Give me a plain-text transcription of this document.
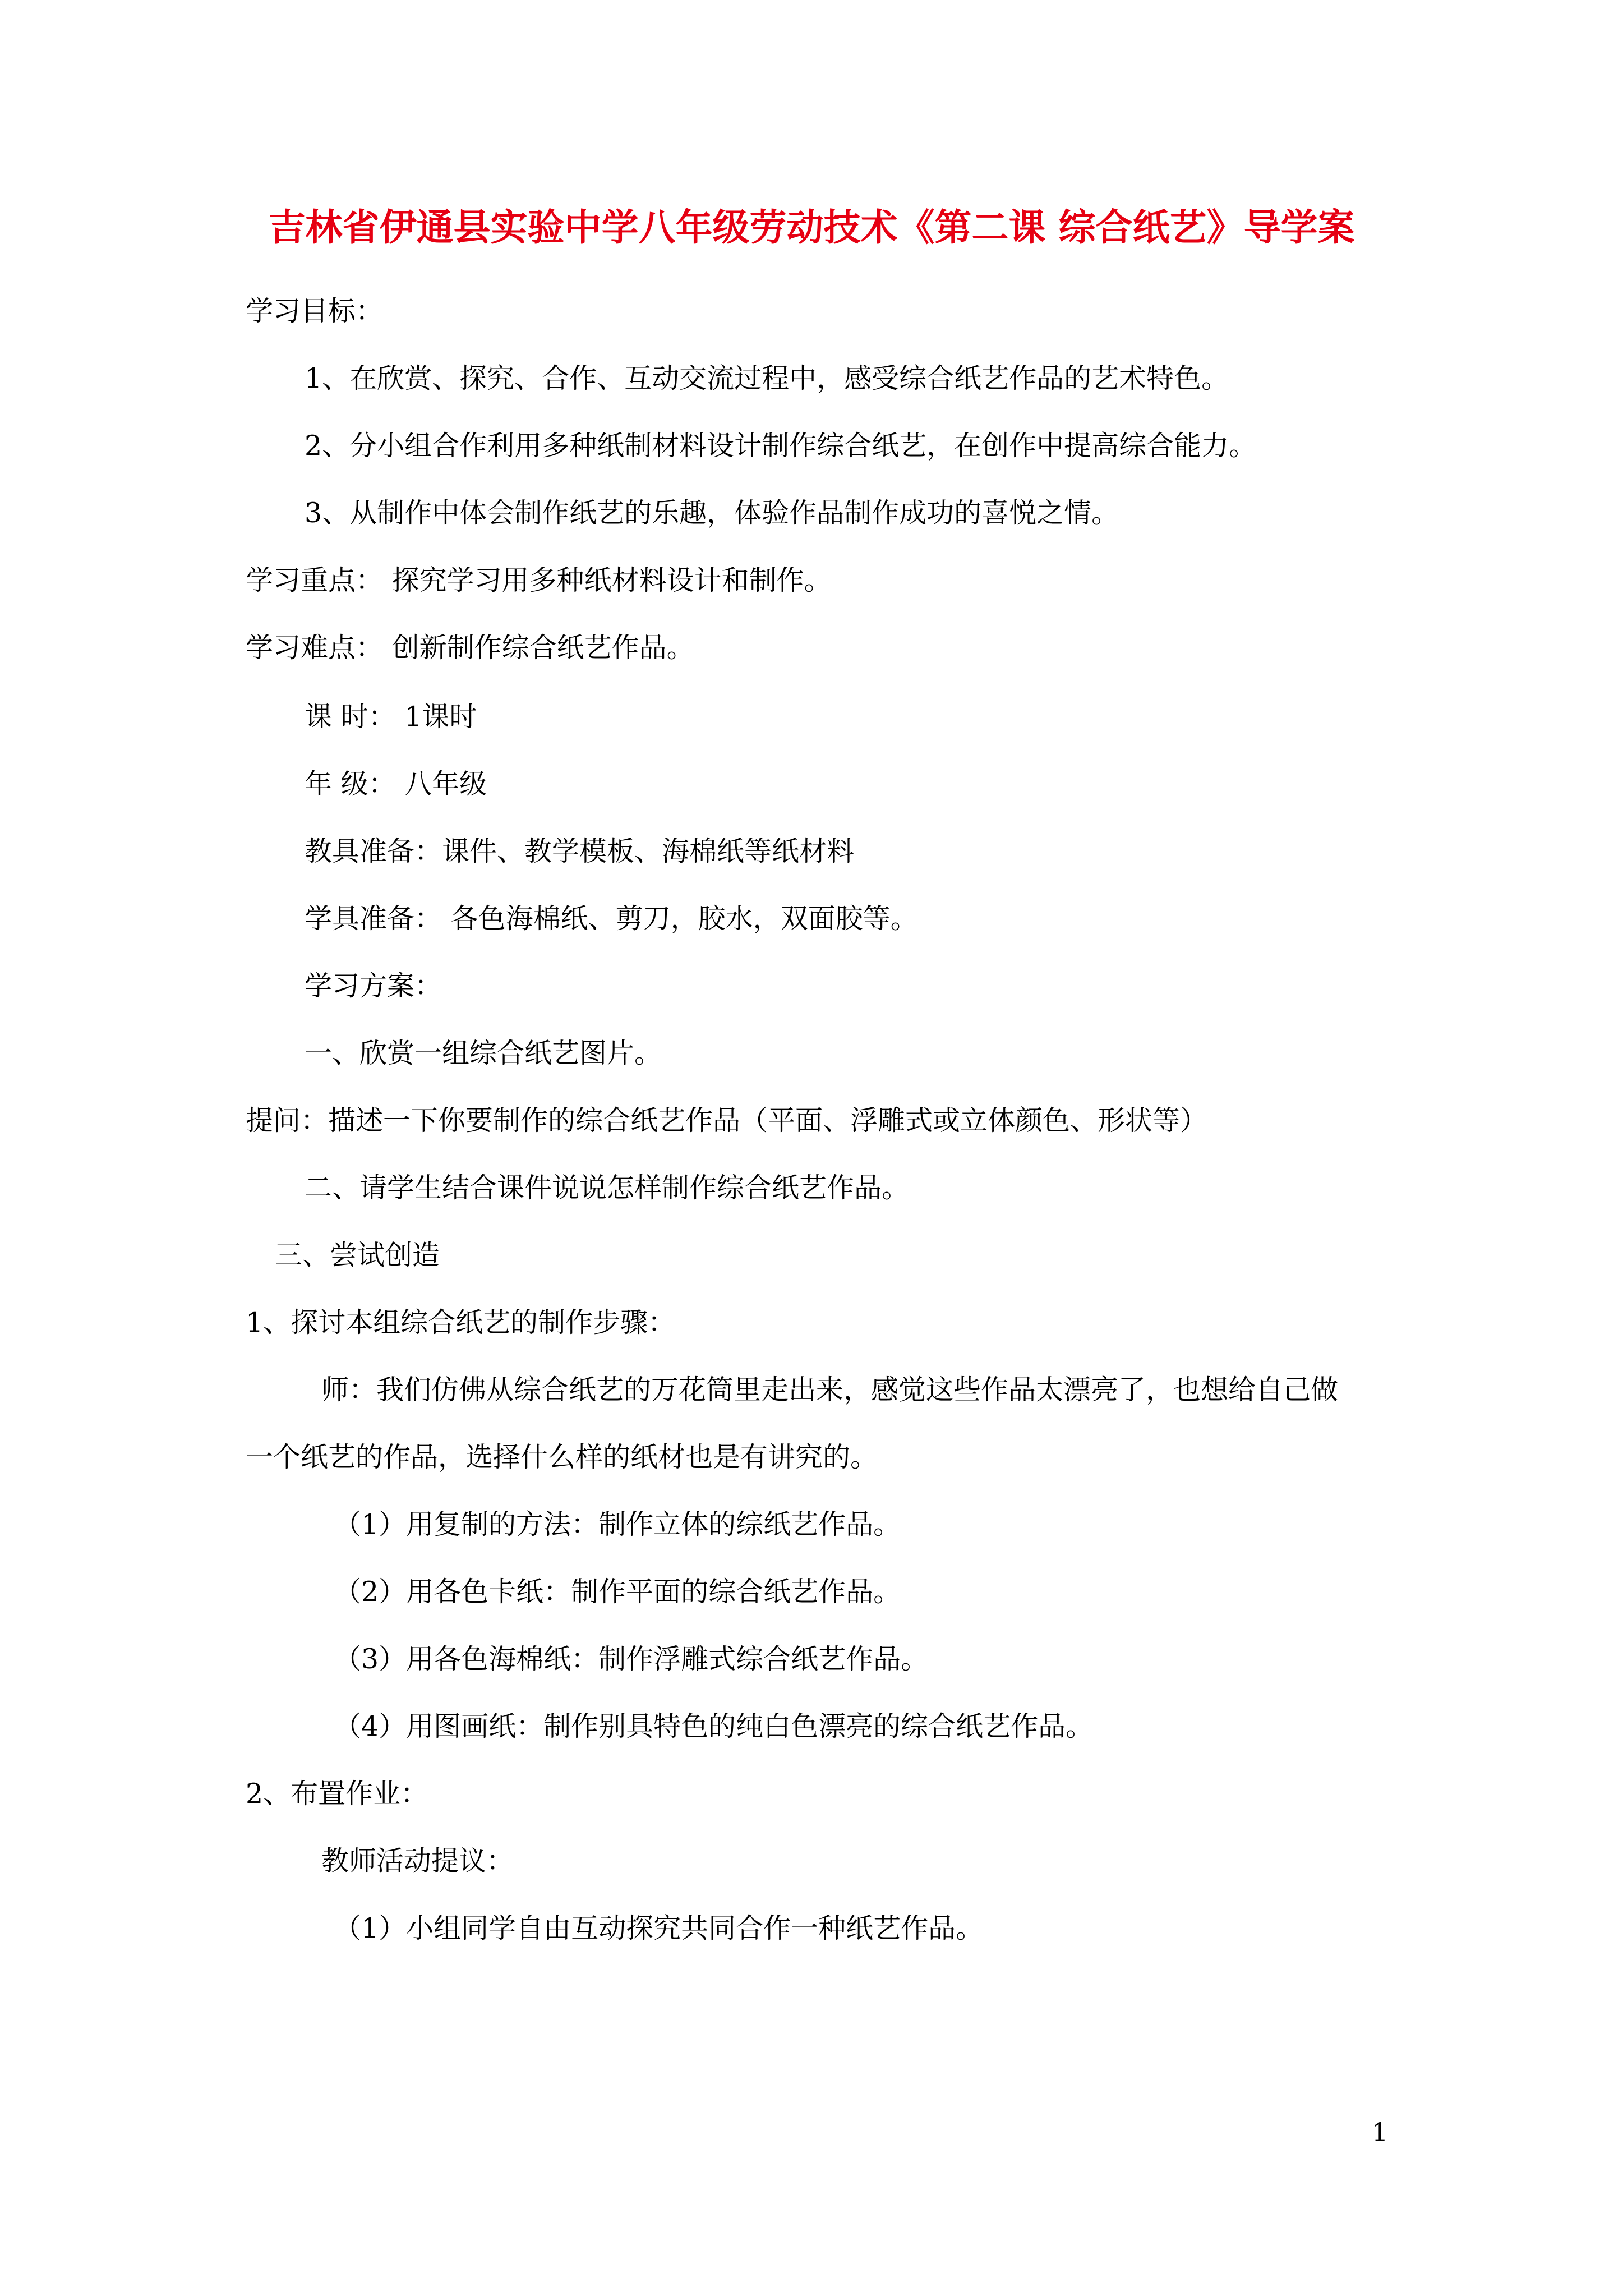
吉林省伊通县实验中学八年级劳动技术《第二课 综合纸艺》导学案
学习目标：
1、在欣赏、探究、合作、互动交流过程中，感受综合纸艺作品的艺术特色。
2、分小组合作利用多种纸制材料设计制作综合纸艺，在创作中提高综合能力。
3、从制作中体会制作纸艺的乐趣，体验作品制作成功的喜悦之情。
学习重点： 探究学习用多种纸材料设计和制作。
学习难点： 创新制作综合纸艺作品。
课 时： 1课时
年 级： 八年级
教具准备：课件、教学模板、海棉纸等纸材料
学具准备： 各色海棉纸、剪刀，胶水，双面胶等。
学习方案：
一、欣赏一组综合纸艺图片。
提问：描述一下你要制作的综合纸艺作品（平面、浮雕式或立体颜色、形状等）
二、请学生结合课件说说怎样制作综合纸艺作品。
三、尝试创造
1、探讨本组综合纸艺的制作步骤：
师：我们仿佛从综合纸艺的万花筒里走出来，感觉这些作品太漂亮了，也想给自己做
一个纸艺的作品，选择什么样的纸材也是有讲究的。
（1）用复制的方法：制作立体的综纸艺作品。
（2）用各色卡纸：制作平面的综合纸艺作品。
（3）用各色海棉纸：制作浮雕式综合纸艺作品。
（4）用图画纸：制作别具特色的纯白色漂亮的综合纸艺作品。
2、布置作业：
教师活动提议：
（1）小组同学自由互动探究共同合作一种纸艺作品。
1
